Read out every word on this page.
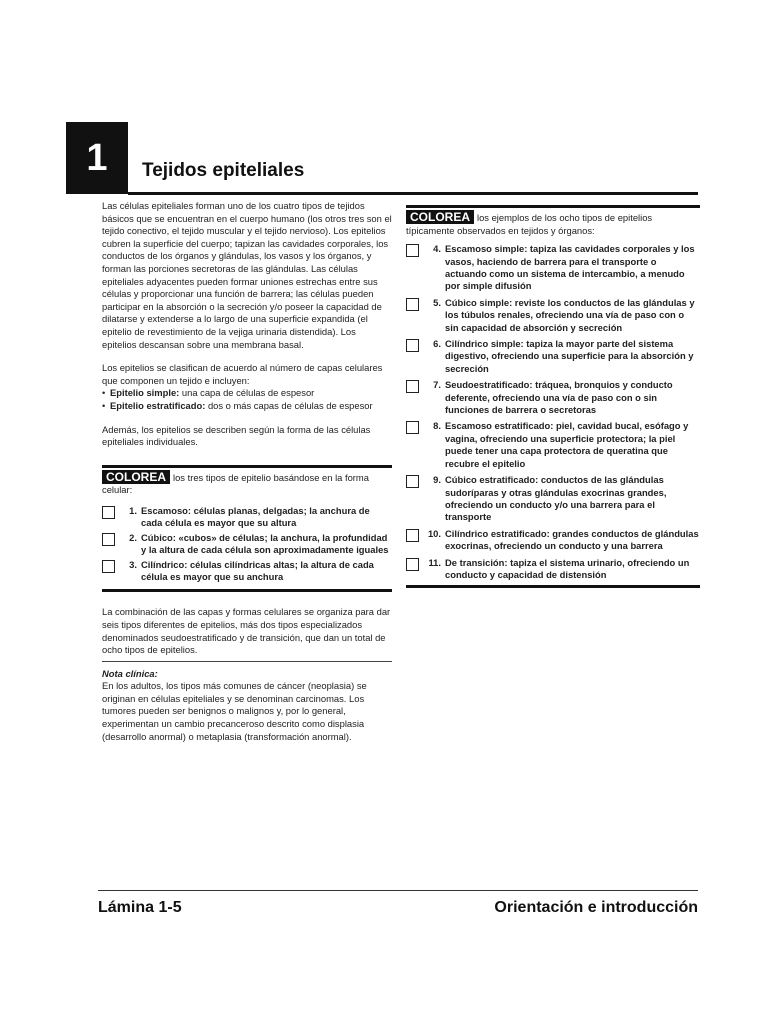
1	Tejidos epiteliales

Las células epiteliales forman uno de los cuatro tipos de tejidos básicos que se encuentran en el cuerpo humano (los otros tres son el tejido conectivo, el tejido muscular y el tejido nervioso). Los epitelios cubren la superficie del cuerpo; tapizan las cavidades corporales, los conductos de los órganos y glándulas, los vasos y los órganos, y forman las porciones secretoras de las glándulas. Las células epiteliales adyacentes pueden formar uniones estrechas entre sus células y proporcionar una función de barrera; las células pueden participar en la absorción o la secreción y/o poseer la capacidad de dilatarse y extenderse a lo largo de una superficie expandida (el epitelio de revestimiento de la vejiga urinaria distendida). Los epitelios descansan sobre una membrana basal.

Los epitelios se clasifican de acuerdo al número de capas celulares que componen un tejido e incluyen:

• Epitelio simple: una capa de células de espesor
• Epitelio estratificado: dos o más capas de células de espesor

Además, los epitelios se describen según la forma de las células epiteliales individuales.

COLOREA los tres tipos de epitelio basándose en la forma celular:
1. Escamoso: células planas, delgadas; la anchura de cada célula es mayor que su altura
2. Cúbico: «cubos» de células; la anchura, la profundidad y la altura de cada célula son aproximadamente iguales
3. Cilíndrico: células cilíndricas altas; la altura de cada célula es mayor que su anchura

La combinación de las capas y formas celulares se organiza para dar seis tipos diferentes de epitelios, más dos tipos especializados denominados seudoestratificado y de transición, que dan un total de ocho tipos de epitelios.

Nota clínica:

En los adultos, los tipos más comunes de cáncer (neoplasia) se originan en células epiteliales y se denominan carcinomas. Los tumores pueden ser benignos o malignos y, por lo general, experimentan un cambio precanceroso descrito como displasia (desarrollo anormal) o metaplasia (transformación anormal).

COLOREA los ejemplos de los ocho tipos de epitelios típicamente observados en tejidos y órganos:
4. Escamoso simple: tapiza las cavidades corporales y los vasos, haciendo de barrera para el transporte o actuando como un sistema de intercambio, a menudo por simple difusión
5. Cúbico simple: reviste los conductos de las glándulas y los túbulos renales, ofreciendo una vía de paso con o sin capacidad de absorción y secreción
6. Cilíndrico simple: tapiza la mayor parte del sistema digestivo, ofreciendo una superficie para la absorción y secreción
7. Seudoestratificado: tráquea, bronquios y conducto deferente, ofreciendo una vía de paso con o sin funciones de barrera o secretoras
8. Escamoso estratificado: piel, cavidad bucal, esófago y vagina, ofreciendo una superficie protectora; la piel puede tener una capa protectora de queratina que recubre el epitelio
9. Cúbico estratificado: conductos de las glándulas sudoríparas y otras glándulas exocrinas grandes, ofreciendo un conducto y/o una barrera para el transporte
10. Cilíndrico estratificado: grandes conductos de glándulas exocrinas, ofreciendo un conducto y una barrera
11. De transición: tapiza el sistema urinario, ofreciendo un conducto y capacidad de distensión
Lámina 1-5	Orientación e introducción
